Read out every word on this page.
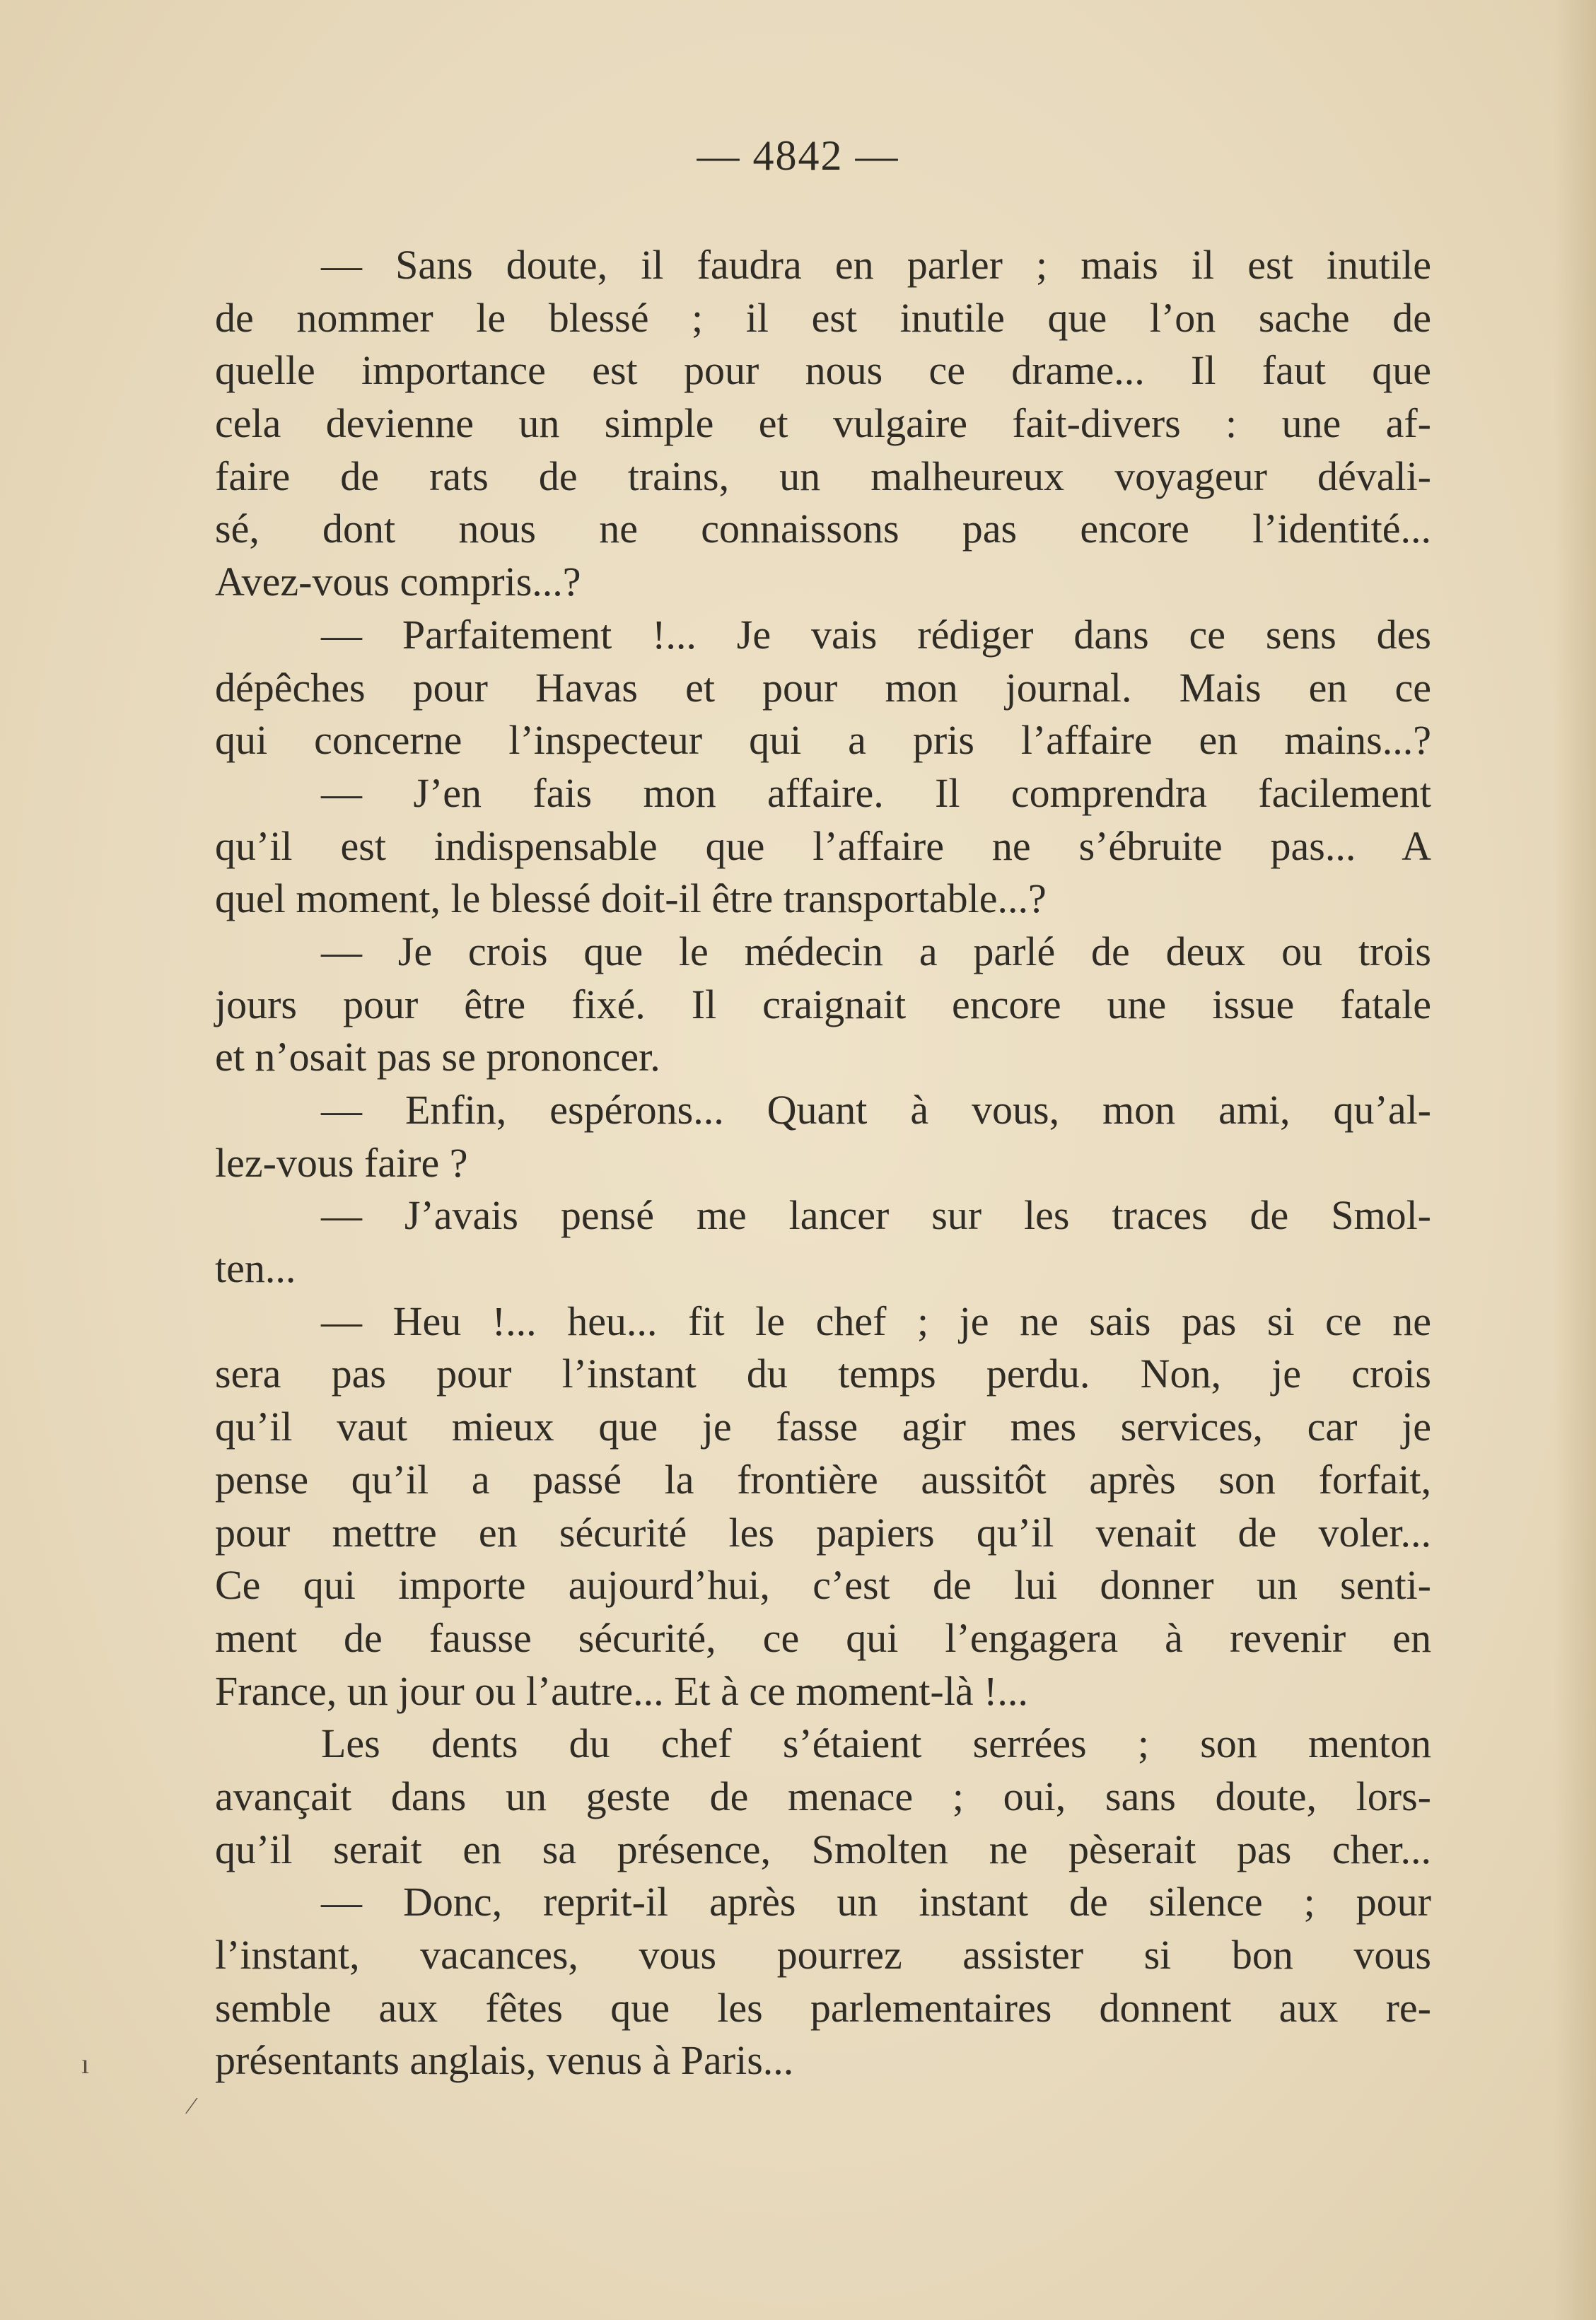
— 4842 —
— Sans doute, il faudra en parler ; mais il est inutile
de nommer le blessé ; il est inutile que l’on sache de
quelle importance est pour nous ce drame... Il faut que
cela devienne un simple et vulgaire fait-divers : une af-
faire de rats de trains, un malheureux voyageur dévali-
sé, dont nous ne connaissons pas encore l’identité...
Avez-vous compris...?
— Parfaitement !... Je vais rédiger dans ce sens des
dépêches pour Havas et pour mon journal. Mais en ce
qui concerne l’inspecteur qui a pris l’affaire en mains...?
— J’en fais mon affaire. Il comprendra facilement
qu’il est indispensable que l’affaire ne s’ébruite pas... A
quel moment, le blessé doit-il être transportable...?
— Je crois que le médecin a parlé de deux ou trois
jours pour être fixé. Il craignait encore une issue fatale
et n’osait pas se prononcer.
— Enfin, espérons... Quant à vous, mon ami, qu’al-
lez-vous faire ?
— J’avais pensé me lancer sur les traces de Smol-
ten...
— Heu !... heu... fit le chef ; je ne sais pas si ce ne
sera pas pour l’instant du temps perdu. Non, je crois
qu’il vaut mieux que je fasse agir mes services, car je
pense qu’il a passé la frontière aussitôt après son forfait,
pour mettre en sécurité les papiers qu’il venait de voler...
Ce qui importe aujourd’hui, c’est de lui donner un senti-
ment de fausse sécurité, ce qui l’engagera à revenir en
France, un jour ou l’autre... Et à ce moment-là !...
Les dents du chef s’étaient serrées ; son menton
avançait dans un geste de menace ; oui, sans doute, lors-
qu’il serait en sa présence, Smolten ne pèserait pas cher...
— Donc, reprit-il après un instant de silence ; pour
l’instant, vacances, vous pourrez assister si bon vous
semble aux fêtes que les parlementaires donnent aux re-
présentants anglais, venus à Paris...
ı
⁄
